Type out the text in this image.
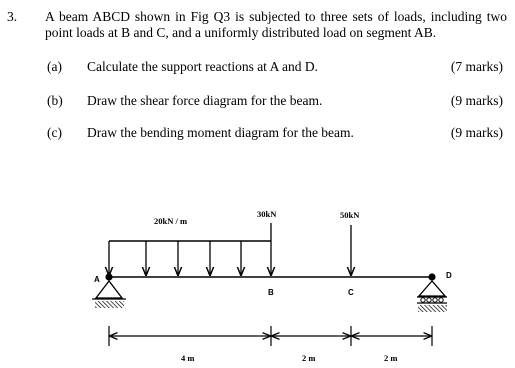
3. A beam ABCD shown in Fig Q3 is subjected to three sets of loads, including two point loads at B and C, and a uniformly distributed load on segment AB.
(a) Calculate the support reactions at A and D.	(7 marks)
(b) Draw the shear force diagram for the beam.	(9 marks)
(c) Draw the bending moment diagram for the beam.	(9 marks)
20kN / m
30kN	50kN
A
B	C
D
4 m	2 m	2 m
